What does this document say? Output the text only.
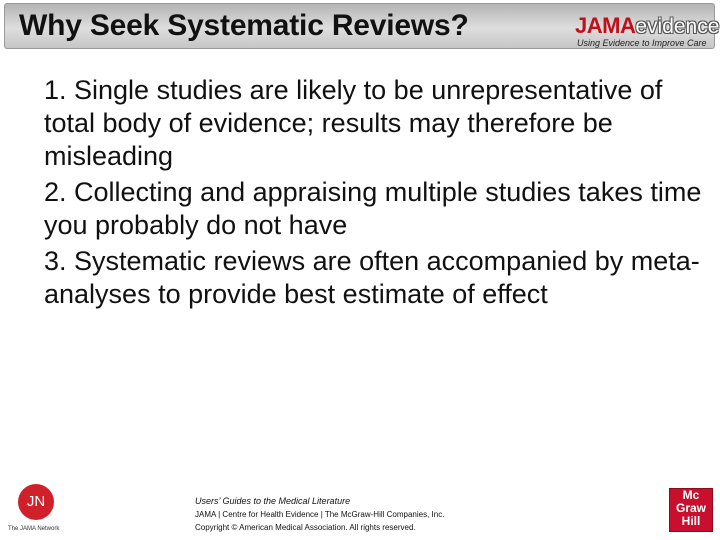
Why Seek Systematic Reviews?	JAMAevidence
Using Evidence to Improve Care
1. Single studies are likely to be unrepresentative of total body of evidence; results may therefore be misleading
2. Collecting and appraising multiple studies takes time you probably do not have
3. Systematic reviews are often accompanied by meta-analyses to provide best estimate of effect
JN
The JAMA Network

Users’ Guides to the Medical Literature

JAMA | Centre for Health Evidence | The McGraw-Hill Companies, Inc.

Copyright © American Medical Association. All rights reserved.

Mc
Graw
Hill
